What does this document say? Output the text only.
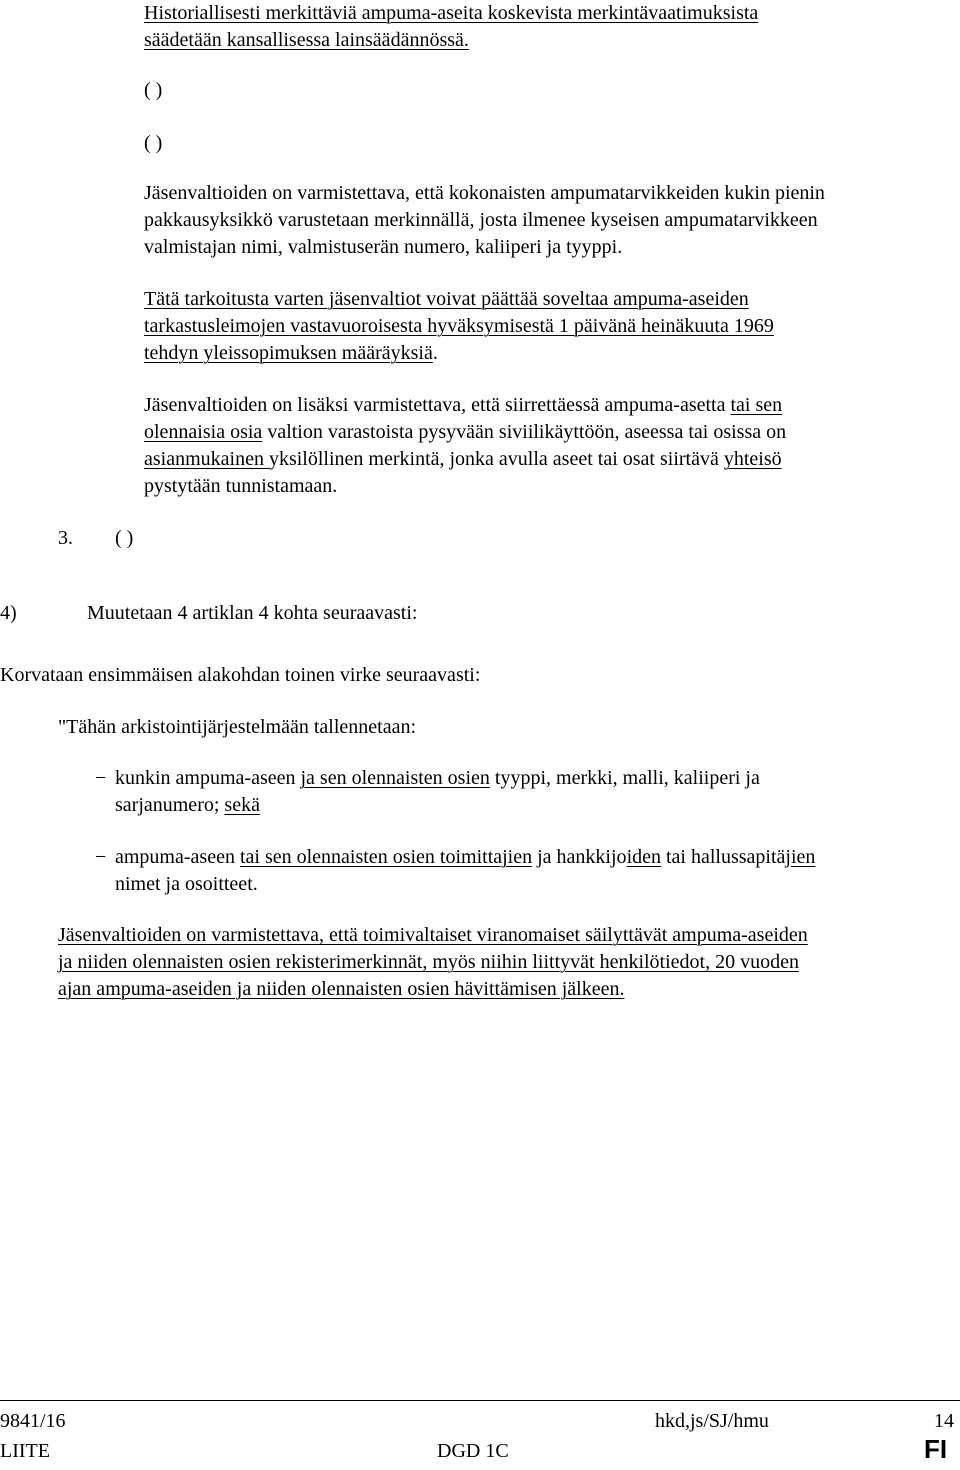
Historiallisesti merkittäviä ampuma-aseita koskevista merkintävaatimuksista
säädetään kansallisessa lainsäädännössä.
( )
( )
Jäsenvaltioiden on varmistettava, että kokonaisten ampumatarvikkeiden kukin pienin
pakkausyksikkö varustetaan merkinnällä, josta ilmenee kyseisen ampumatarvikkeen
valmistajan nimi, valmistuserän numero, kaliiperi ja tyyppi.
Tätä tarkoitusta varten jäsenvaltiot voivat päättää soveltaa ampuma-aseiden
tarkastusleimojen vastavuoroisesta hyväksymisestä 1 päivänä heinäkuuta 1969
tehdyn yleissopimuksen määräyksiä.
Jäsenvaltioiden on lisäksi varmistettava, että siirrettäessä ampuma-asetta tai sen
olennaisia osia valtion varastoista pysyvään siviilikäyttöön, aseessa tai osissa on
asianmukainen yksilöllinen merkintä, jonka avulla aseet tai osat siirtävä yhteisö
pystytään tunnistamaan.
3. ( )
4)	Muutetaan 4 artiklan 4 kohta seuraavasti:
Korvataan ensimmäisen alakohdan toinen virke seuraavasti:
"Tähän arkistointijärjestelmään tallennetaan:
− kunkin ampuma-aseen ja sen olennaisten osien tyyppi, merkki, malli, kaliiperi ja
sarjanumero; sekä
− ampuma-aseen tai sen olennaisten osien toimittajien ja hankkijoiden tai hallussapitäjien
nimet ja osoitteet.
Jäsenvaltioiden on varmistettava, että toimivaltaiset viranomaiset säilyttävät ampuma-aseiden
ja niiden olennaisten osien rekisterimerkinnät, myös niihin liittyvät henkilötiedot, 20 vuoden
ajan ampuma-aseiden ja niiden olennaisten osien hävittämisen jälkeen.
9841/16	hkd,js/SJ/hmu	14
LIITE	DGD 1C	FI
